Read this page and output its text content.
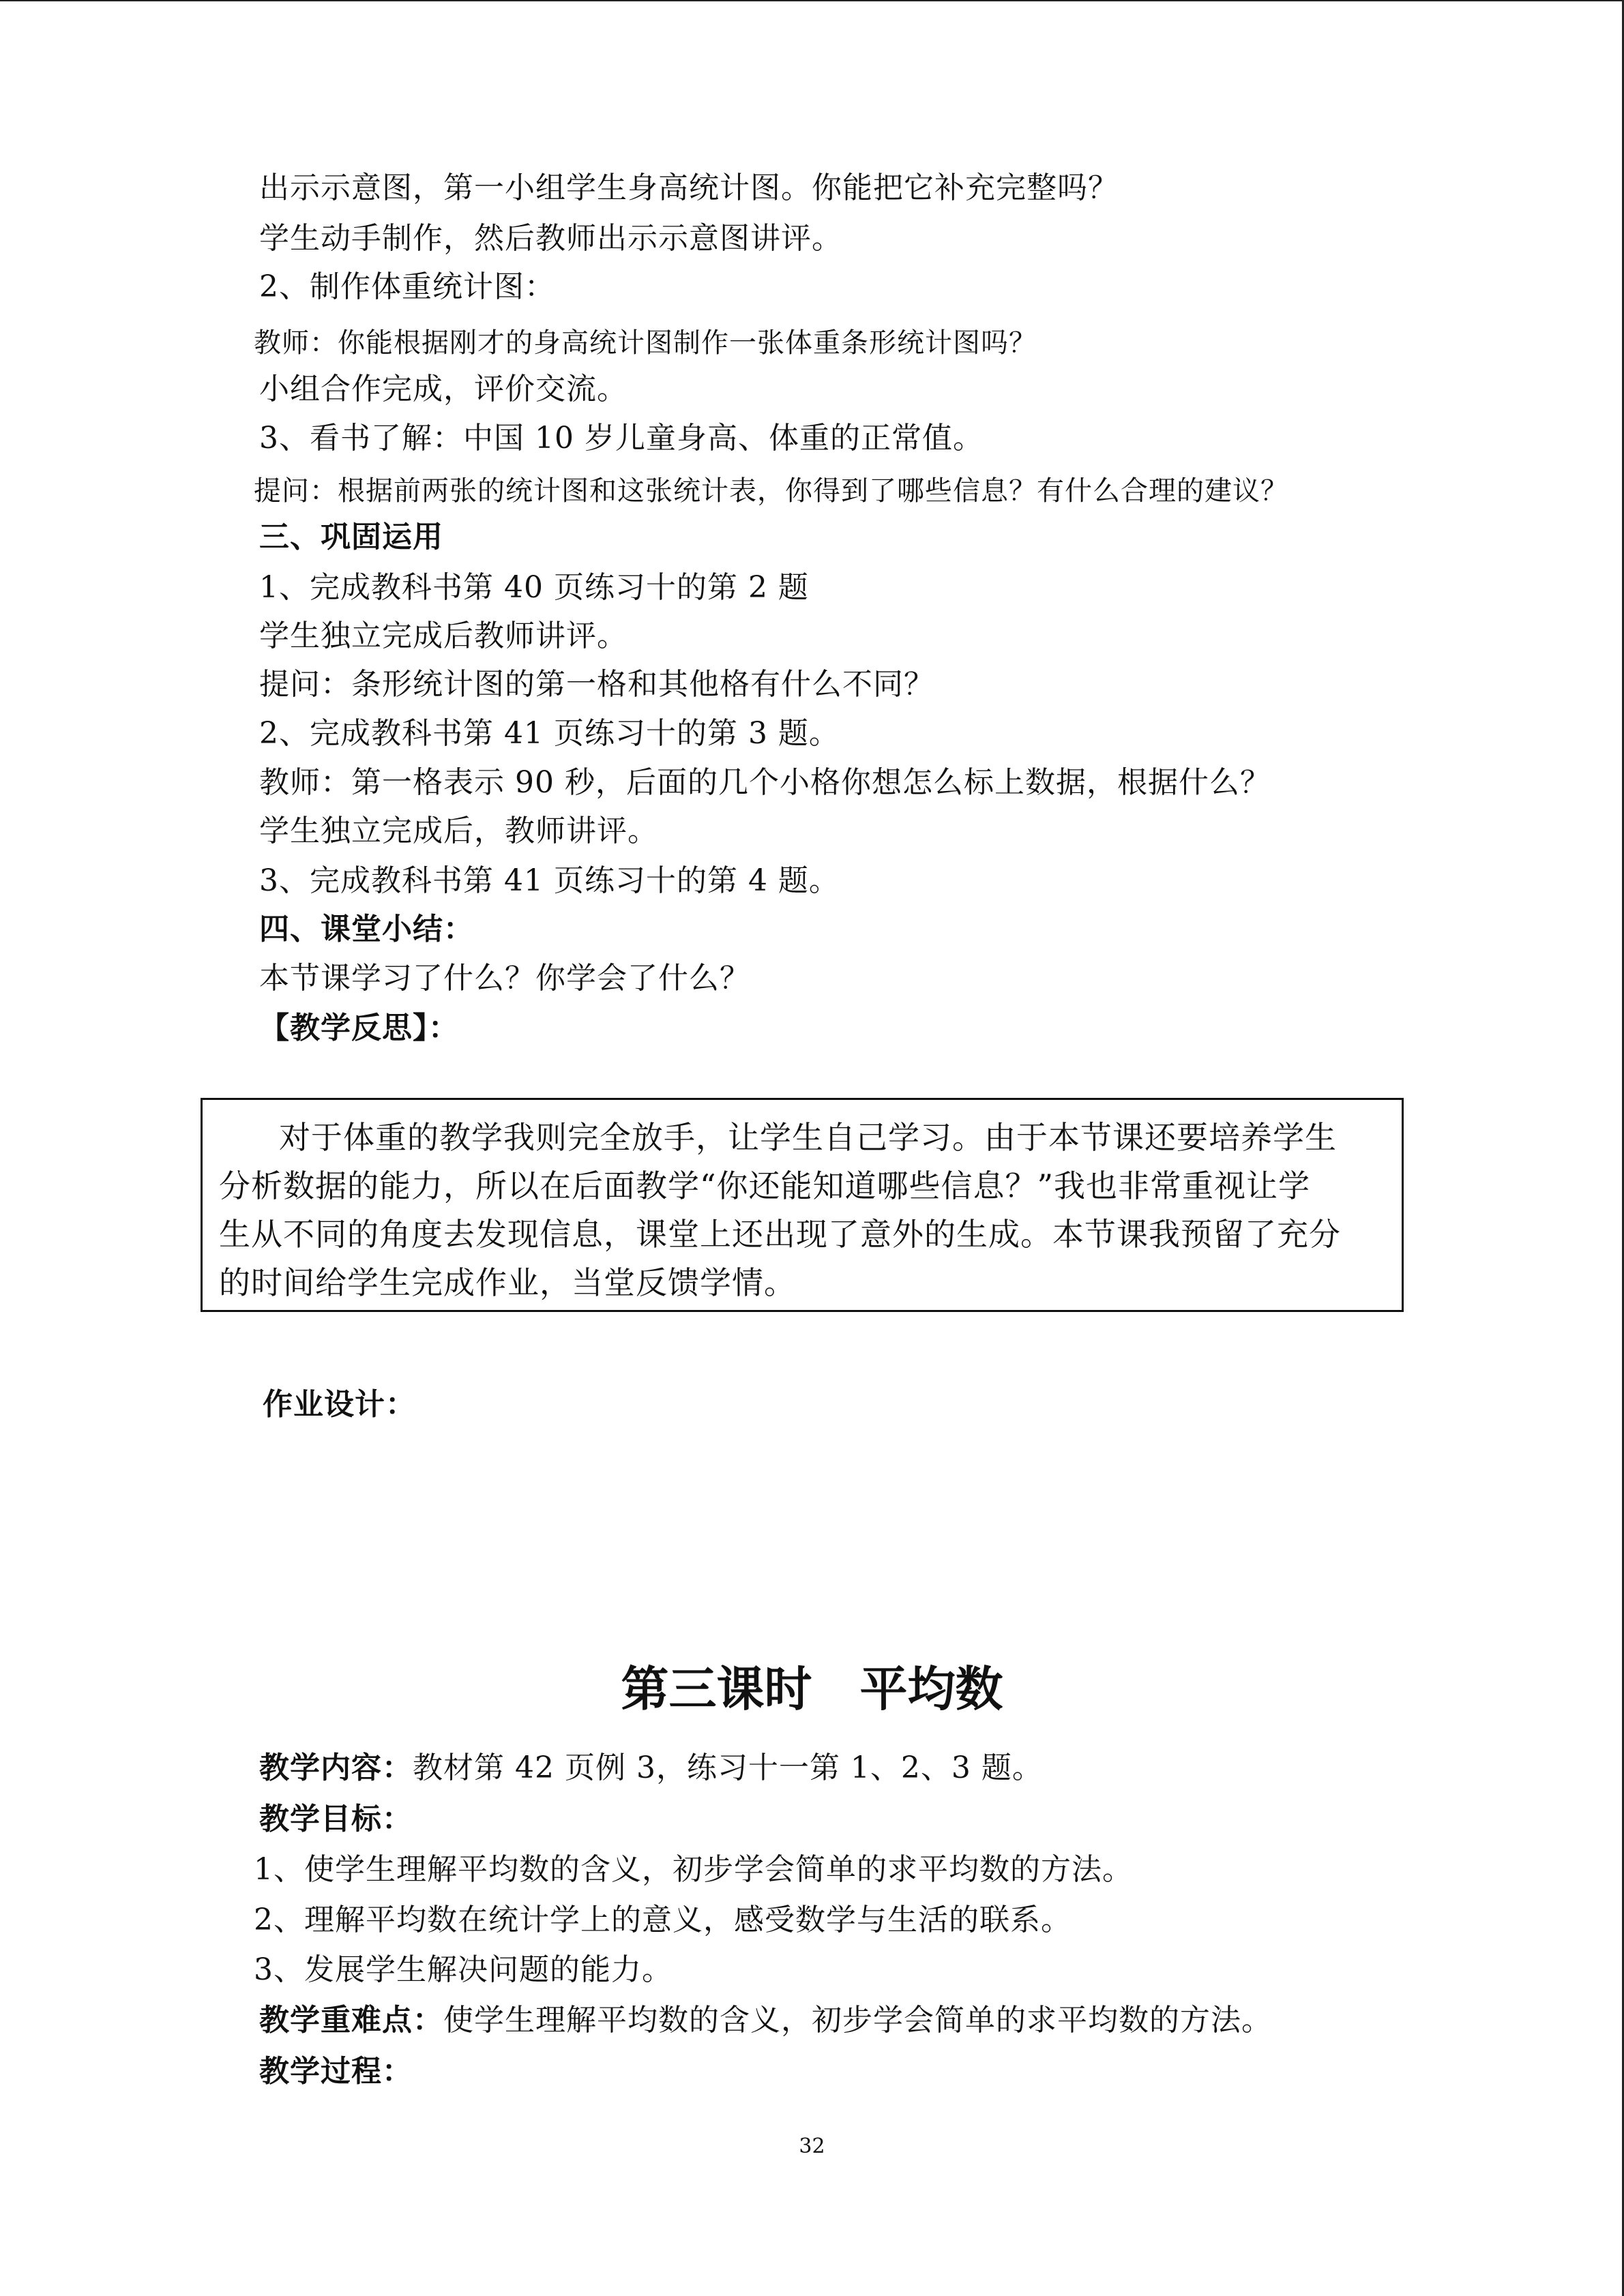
出示示意图，第一小组学生身高统计图。你能把它补充完整吗？
学生动手制作，然后教师出示示意图讲评。
2、制作体重统计图：
教师：你能根据刚才的身高统计图制作一张体重条形统计图吗？
小组合作完成，评价交流。
3、看书了解：中国 10 岁儿童身高、体重的正常值。
提问：根据前两张的统计图和这张统计表，你得到了哪些信息？有什么合理的建议？
三、巩固运用
1、完成教科书第 40 页练习十的第 2 题
学生独立完成后教师讲评。
提问：条形统计图的第一格和其他格有什么不同？
2、完成教科书第 41 页练习十的第 3 题。
教师：第一格表示 90 秒，后面的几个小格你想怎么标上数据，根据什么？
学生独立完成后，教师讲评。
3、完成教科书第 41 页练习十的第 4 题。
四、课堂小结：
本节课学习了什么？你学会了什么？
【教学反思】：
对于体重的教学我则完全放手，让学生自己学习。由于本节课还要培养学生
分析数据的能力，所以在后面教学“你还能知道哪些信息？”我也非常重视让学
生从不同的角度去发现信息，课堂上还出现了意外的生成。本节课我预留了充分
的时间给学生完成作业，当堂反馈学情。
作业设计：
第三课时　平均数
教学内容：教材第 42 页例 3，练习十一第 1、2、3 题。
教学目标：
1、使学生理解平均数的含义，初步学会简单的求平均数的方法。
2、理解平均数在统计学上的意义，感受数学与生活的联系。
3、发展学生解决问题的能力。
教学重难点：使学生理解平均数的含义，初步学会简单的求平均数的方法。
教学过程：
32
